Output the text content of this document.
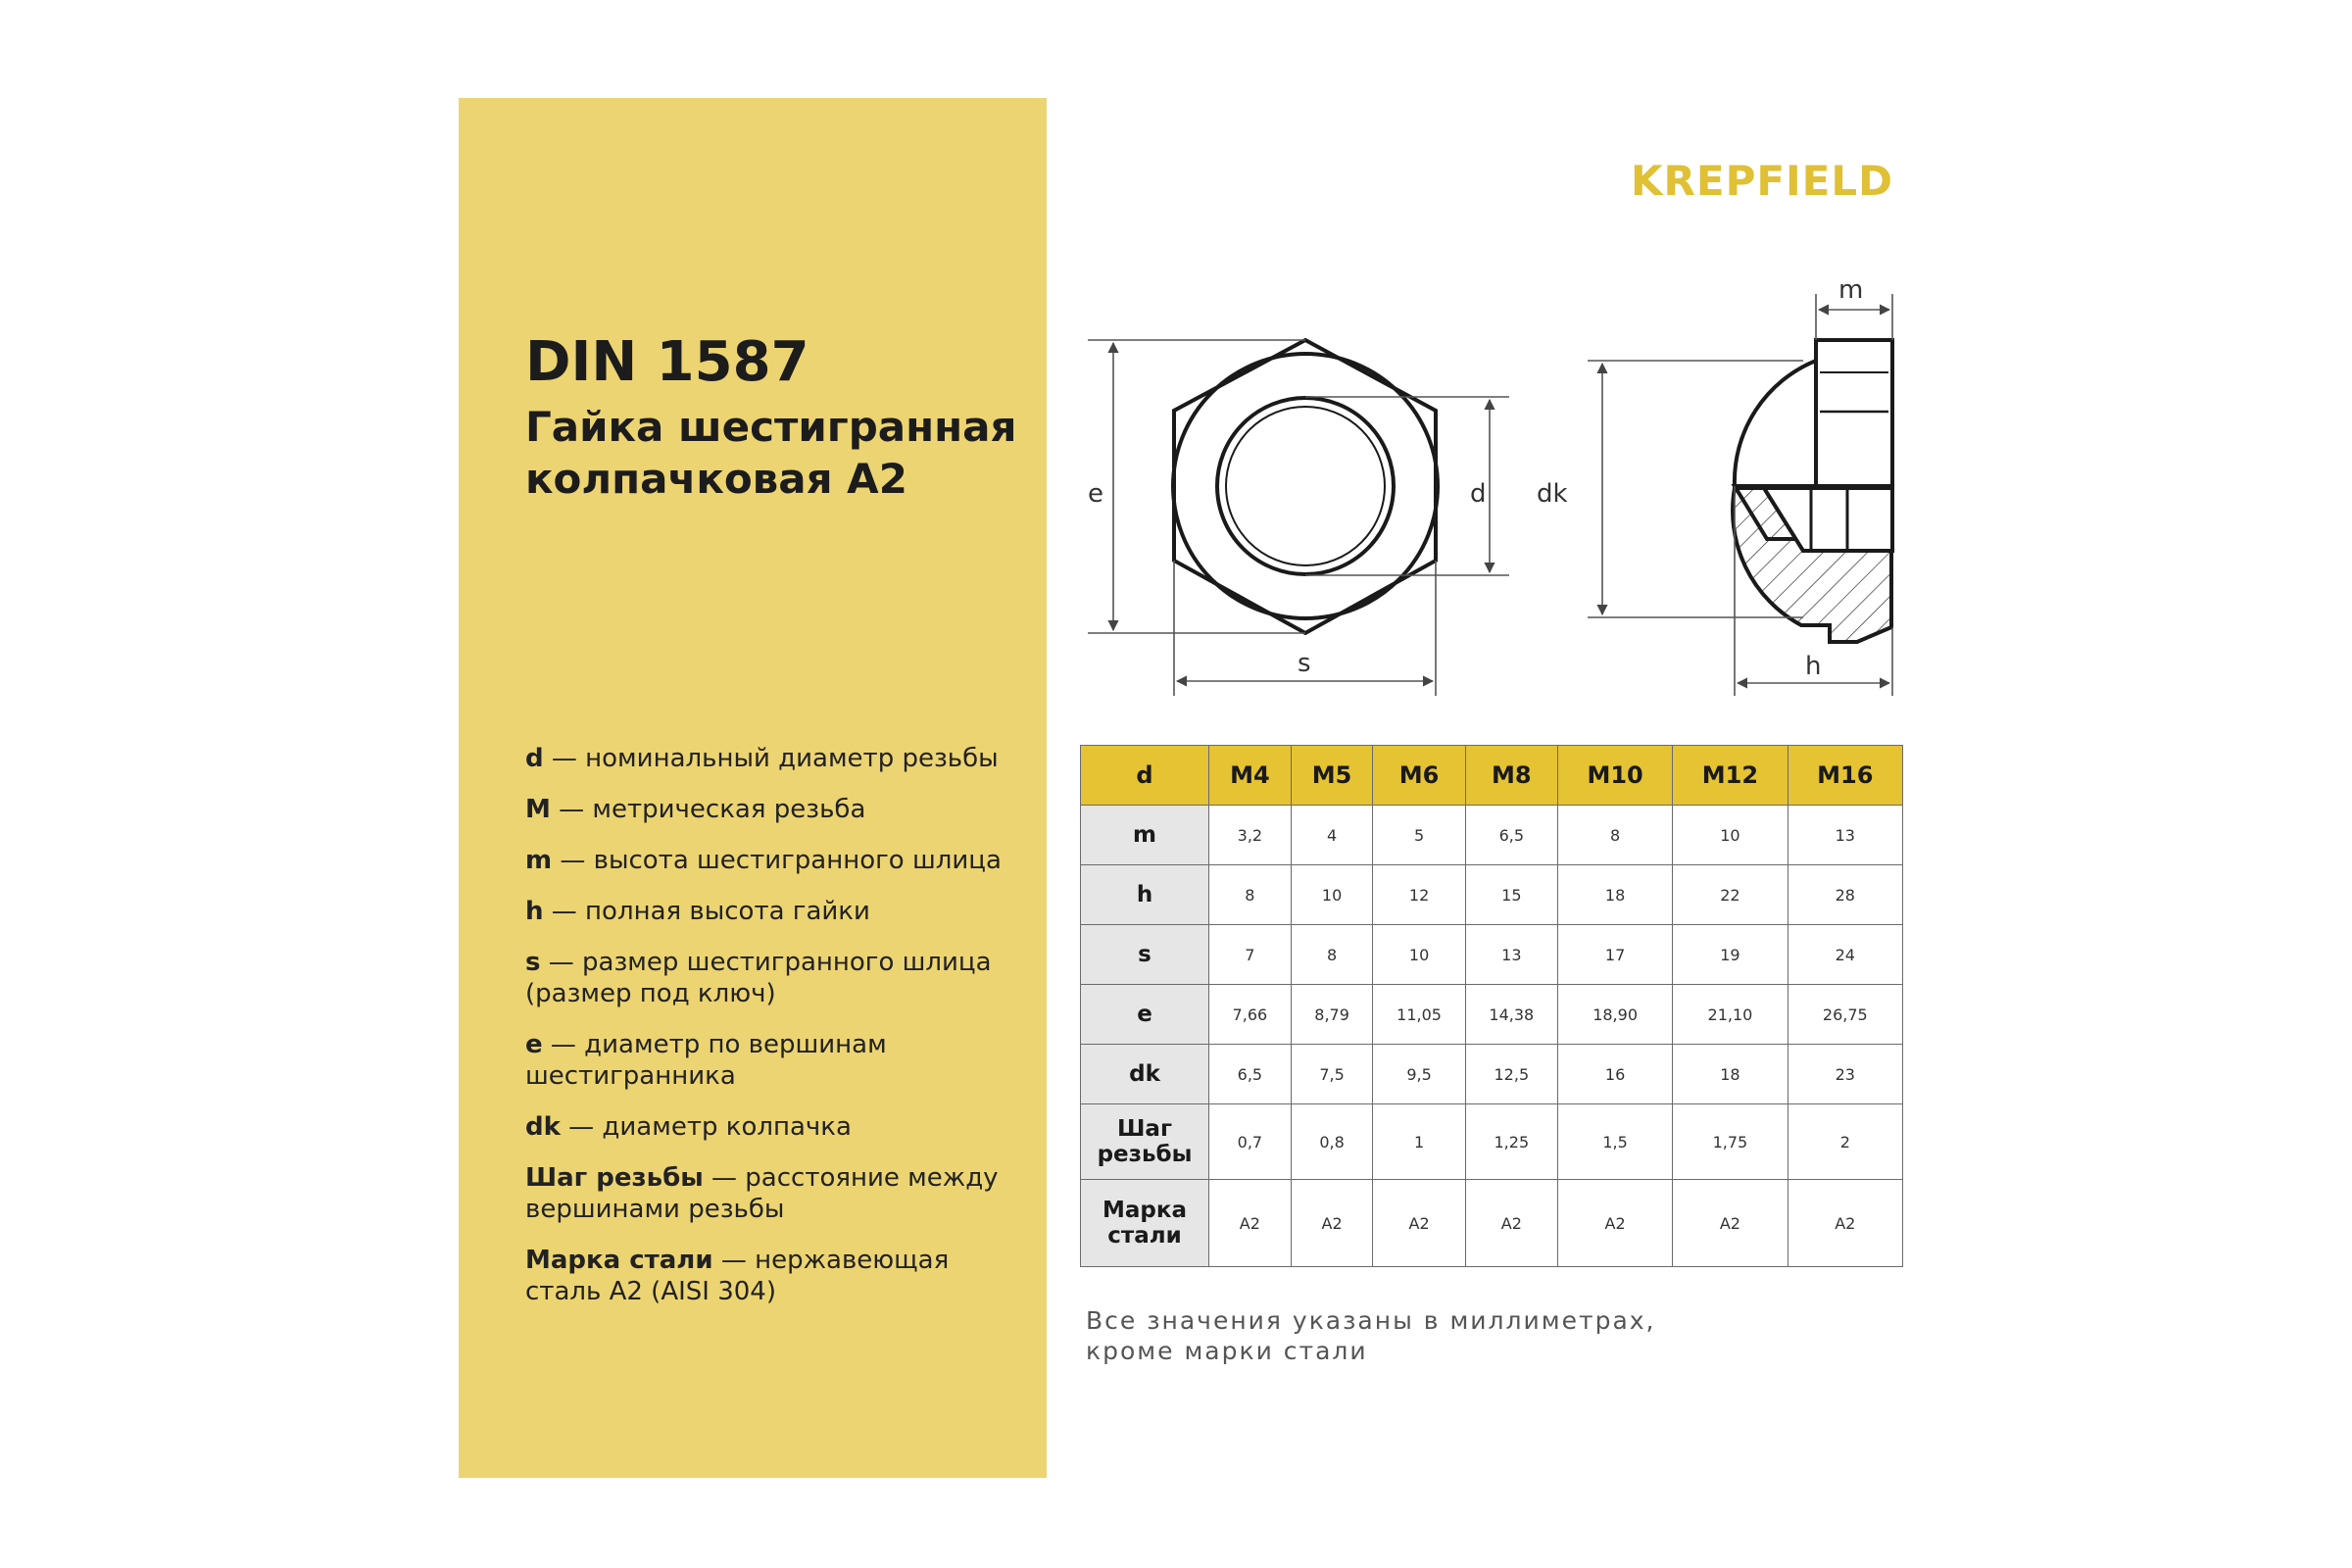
DIN 1587
Гайка шестигранная колпачковая А2
d — номинальный диаметр резьбы
M — метрическая резьба
m — высота шестигранного шлица
h — полная высота гайки
s — размер шестигранного шлица (размер под ключ)
e — диаметр по вершинам шестигранника
dk — диаметр колпачка
Шаг резьбы — расстояние между вершинами резьбы
Марка стали — нержавеющая сталь А2 (AISI 304)
KREPFIELD
e	d
s
m
dk
h
d	M4	M5	M6	M8	M10	M12	M16
m	3,2	4	5	6,5	8	10	13
h	8	10	12	15	18	22	28
s	7	8	10	13	17	19	24
e	7,66	8,79	11,05	14,38	18,90	21,10	26,75
dk	6,5	7,5	9,5	12,5	16	18	23
Шаг резьбы	0,7	0,8	1	1,25	1,5	1,75	2
Марка стали	A2	A2	A2	A2	A2	A2	A2
Все значения указаны в миллиметрах, кроме марки стали
